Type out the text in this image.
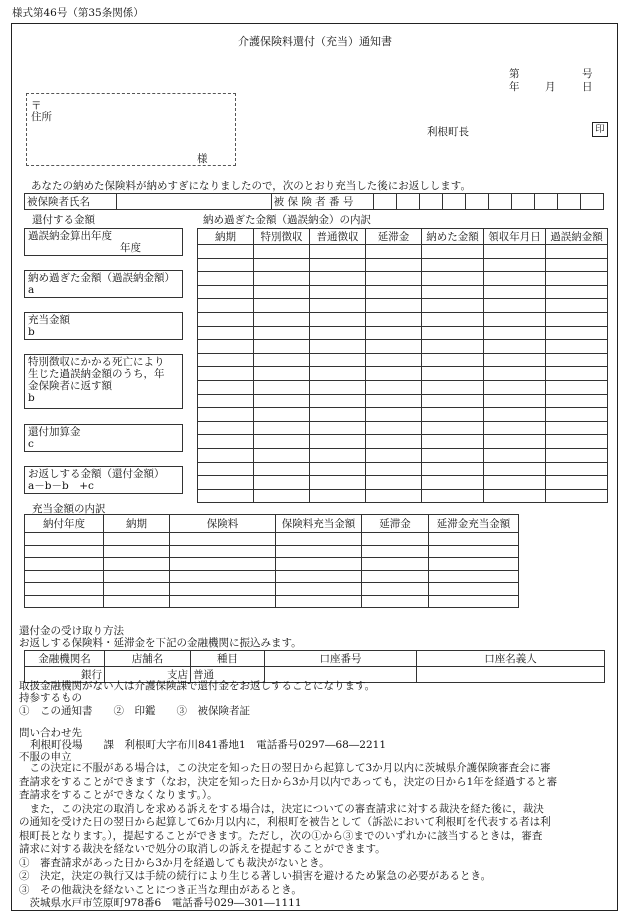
様式第46号（第35条関係）
介護保険料還付（充当）通知書
第	号
年 月	日
〒
住所
様
利根町長	印
あなたの納めた保険料が納めすぎになりましたので，次のとおり充当した後にお返しします。
被保険者氏名		被 保 険 者 番 号										
還付する金額	納め過ぎた金額（過誤納金）の内訳
過誤納金算出年度
年度
納め過ぎた金額（過誤納金額）
a
充当金額
b
特別徴収にかかる死亡により
生じた過誤納金額のうち，年
金保険者に返す額
b
還付加算金
c
お返しする金額（還付金額）
a－b－b　+c
納期	特別徴収	普通徴収	延滞金	納めた金額	領収年月日	過誤納金額

充当金額の内訳
納付年度	納期	保険料	保険料充当金額	延滞金	延滞金充当金額

還付金の受け取り方法
お返しする保険料・延滞金を下記の金融機関に振込みます。
金融機関名	店舗名	種目	口座番号	口座名義人
銀行	支店	普通		
取扱金融機関がない人は介護保険課で還付金をお返しすることになります。
持参するもの
①　この通知書　　②　印鑑　　③　被保険者証
問い合わせ先
利根町役場　　課　利根町大字布川841番地1　電話番号0297―68―2211
不服の申立
　この決定に不服がある場合は，この決定を知った日の翌日から起算して3か月以内に茨城県介護保険審査会に審
査請求をすることができます（なお，決定を知った日から3か月以内であっても，決定の日から1年を経過すると審
査請求をすることができなくなります。）。
　また，この決定の取消しを求める訴えをする場合は，決定についての審査請求に対する裁決を経た後に，裁決
の通知を受けた日の翌日から起算して6か月以内に，利根町を被告として（訴訟において利根町を代表する者は利
根町長となります。），提起することができます。ただし，次の①から③までのいずれかに該当するときは，審査
請求に対する裁決を経ないで処分の取消しの訴えを提起することができます。
①　審査請求があった日から3か月を経過しても裁決がないとき。
②　決定，決定の執行又は手続の続行により生じる著しい損害を避けるため緊急の必要があるとき。
③　その他裁決を経ないことにつき正当な理由があるとき。
　茨城県水戸市笠原町978番6　電話番号029―301―1111
